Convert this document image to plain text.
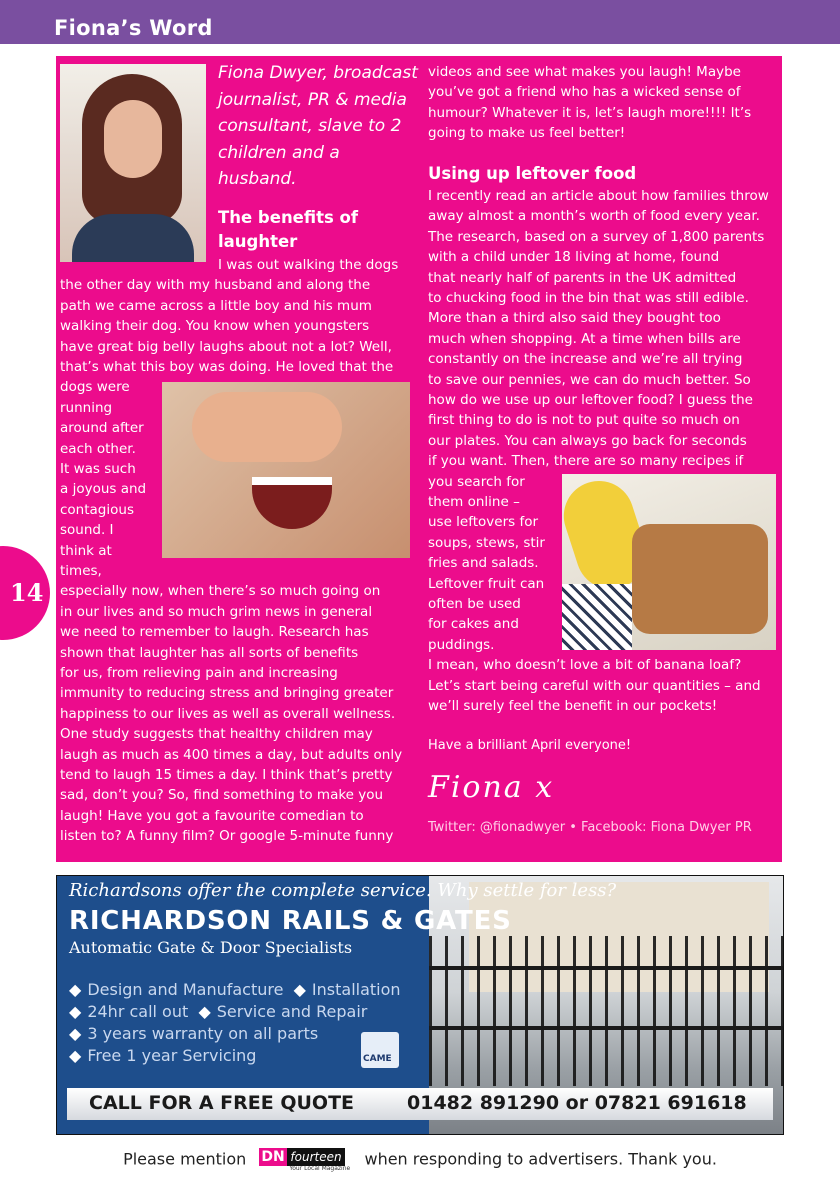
Fiona’s Word
14
Fiona Dwyer, broadcast journalist, PR & media consultant, slave to 2 children and a husband.
The benefits of laughter
I was out walking the dogs
the other day with my husband and along the
path we came across a little boy and his mum
walking their dog. You know when youngsters
have great big belly laughs about not a lot? Well,
that’s what this boy was doing. He loved that the
dogs were
running
around after
each other.
It was such
a joyous and
contagious
sound. I
think at
times,
especially now, when there’s so much going on
in our lives and so much grim news in general
we need to remember to laugh. Research has
shown that laughter has all sorts of benefits
for us, from relieving pain and increasing
immunity to reducing stress and bringing greater
happiness to our lives as well as overall wellness.
One study suggests that healthy children may
laugh as much as 400 times a day, but adults only
tend to laugh 15 times a day. I think that’s pretty
sad, don’t you? So, find something to make you
laugh! Have you got a favourite comedian to
listen to? A funny film? Or google 5-minute funny
videos and see what makes you laugh! Maybe
you’ve got a friend who has a wicked sense of
humour? Whatever it is, let’s laugh more!!!! It’s
going to make us feel better!
Using up leftover food
I recently read an article about how families throw
away almost a month’s worth of food every year.
The research, based on a survey of 1,800 parents
with a child under 18 living at home, found
that nearly half of parents in the UK admitted
to chucking food in the bin that was still edible.
More than a third also said they bought too
much when shopping. At a time when bills are
constantly on the increase and we’re all trying
to save our pennies, we can do much better. So
how do we use up our leftover food? I guess the
first thing to do is not to put quite so much on
our plates. You can always go back for seconds
if you want. Then, there are so many recipes if
you search for
them online –
use leftovers for
soups, stews, stir
fries and salads.
Leftover fruit can
often be used
for cakes and
puddings.
I mean, who doesn’t love a bit of banana loaf?
Let’s start being careful with our quantities – and
we’ll surely feel the benefit in our pockets!
Have a brilliant April everyone!
Fiona x
Twitter: @fionadwyer • Facebook: Fiona Dwyer PR
Richardsons offer the complete service. Why settle for less?
RICHARDSON RAILS & GATES
Automatic Gate & Door Specialists
◆ Design and Manufacture ◆ Installation
◆ 24hr call out ◆ Service and Repair
◆ 3 years warranty on all parts
◆ Free 1 year Servicing	CAME
CALL FOR A FREE QUOTE	01482 891290 or 07821 691618
Please mention DN fourteen
Your Local Magazine when responding to advertisers. Thank you.
